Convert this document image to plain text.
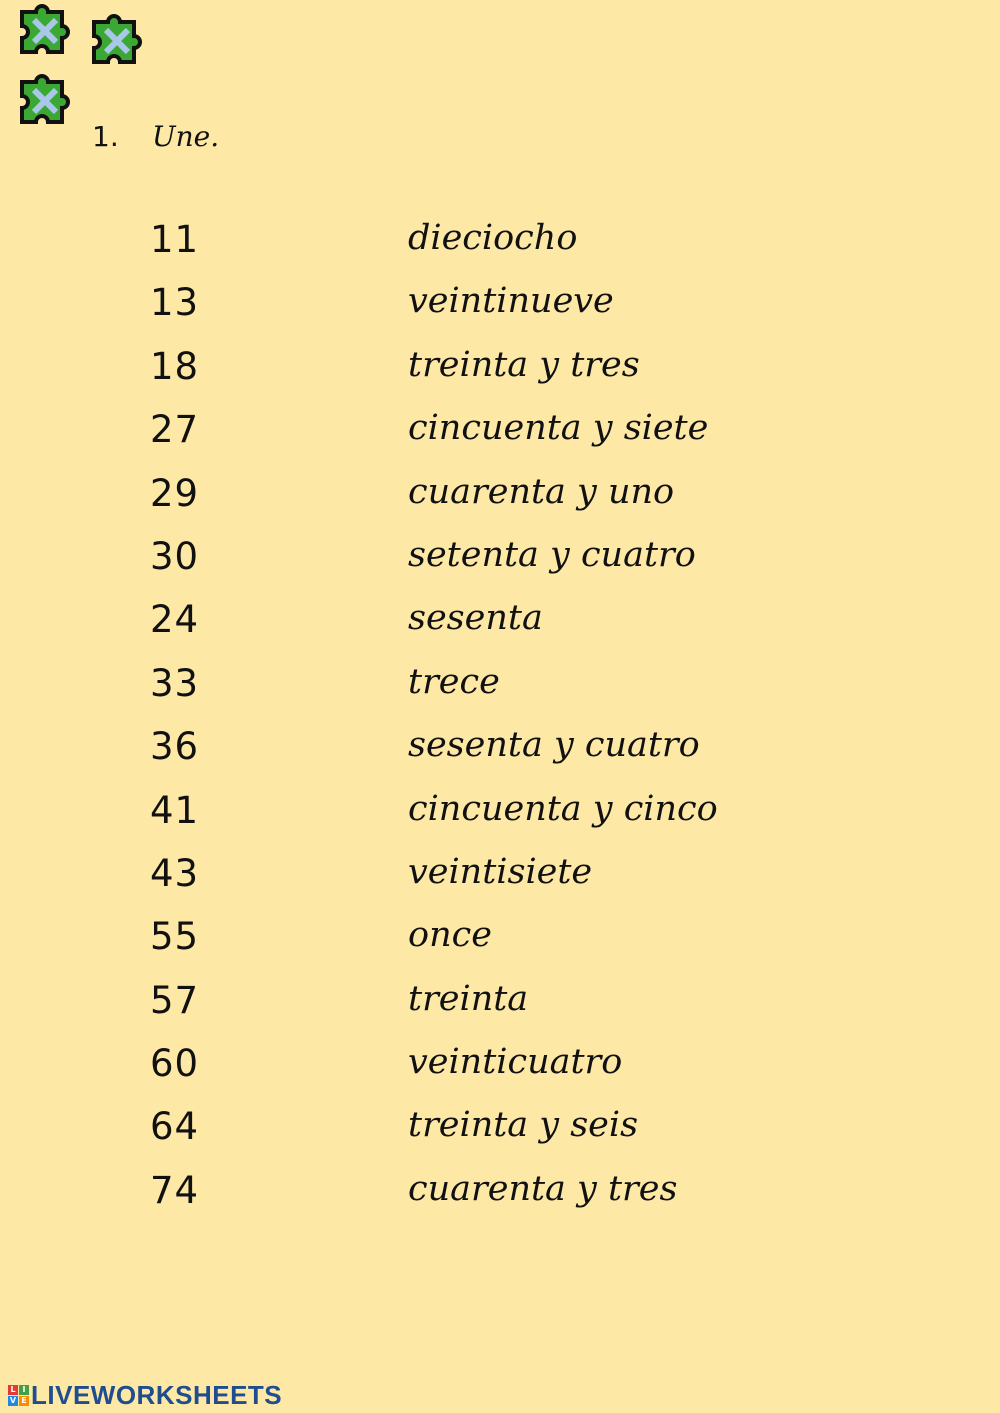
1. Une.
11	dieciocho
13	veintinueve
18	treinta y tres
27	cincuenta y siete
29	cuarenta y uno
30	setenta y cuatro
24	sesenta
33	trece
36	sesenta y cuatro
41	cincuenta y cinco
43	veintisiete
55	once
57	treinta
60	veinticuatro
64	treinta y seis
74	cuarenta y tres
L I
V E LIVEWORKSHEETS
